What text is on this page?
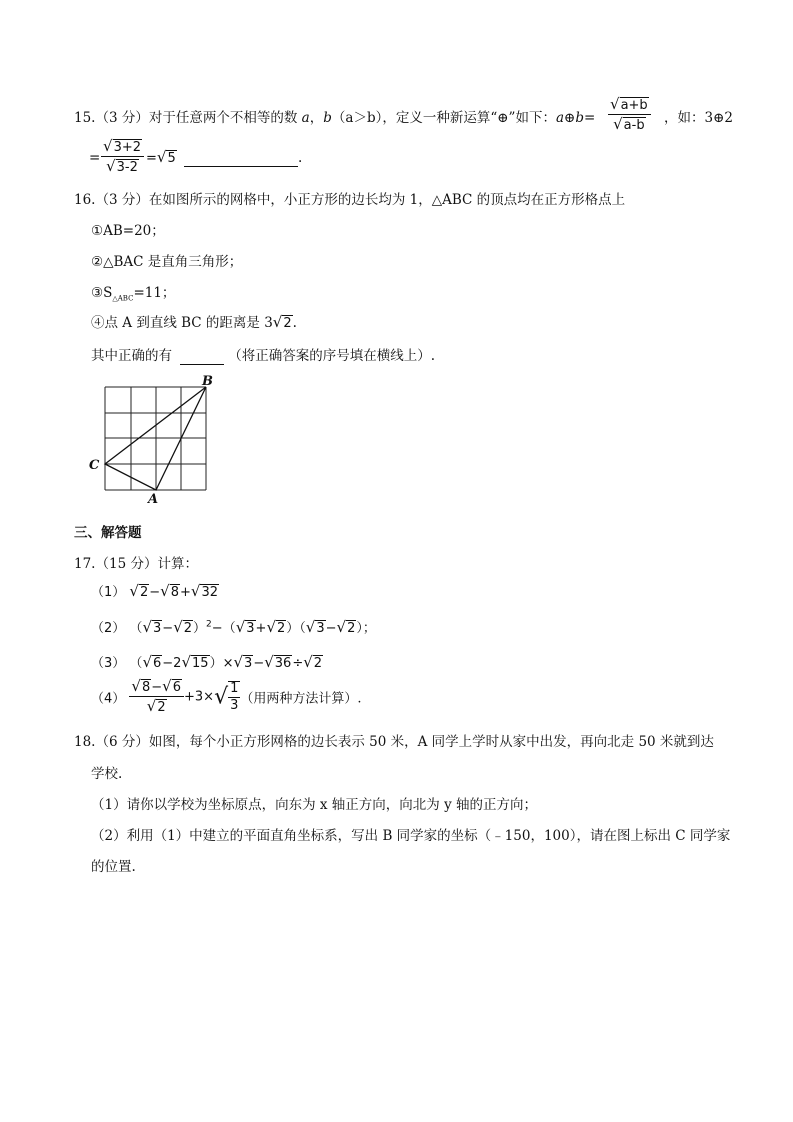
15.（3 分）对于任意两个不相等的数 a，b（a＞b），定义一种新运算“⊕”如下：a⊕b= $\frac{√a+b}{√a-b}$ ，如：3⊕2
= $\frac{√3+2}{√3-2} =√5$	.
16.（3 分）在如图所示的网格中，小正方形的边长均为 1，△ABC 的顶点均在正方形格点上
①AB=20；
②△BAC 是直角三角形；
$③S_{\triangle ABC}=11$；
④点 A 到直线 BC 的距离是 3√2.
其中正确的有	（将正确答案的序号填在横线上）.
B
C
A
三、解答题
17.（15 分）计算：
（1） √2−√8+√32
（2） $(√3-√2)^2-(√3+√2)(√3-√2)$；
（3） （√6−2√15）×√3−√36÷√2
$(4) \frac{√8-√6}{√2} +3\times√ \frac{1}{3}$ （用两种方法计算）.
18.（6 分）如图，每个小正方形网格的边长表示 50 米，A 同学上学时从家中出发，再向北走 50 米就到达
学校.
（1）请你以学校为坐标原点，向东为 x 轴正方向，向北为 y 轴的正方向；
（2）利用（1）中建立的平面直角坐标系，写出 B 同学家的坐标（﹣150，100），请在图上标出 C 同学家
的位置.
